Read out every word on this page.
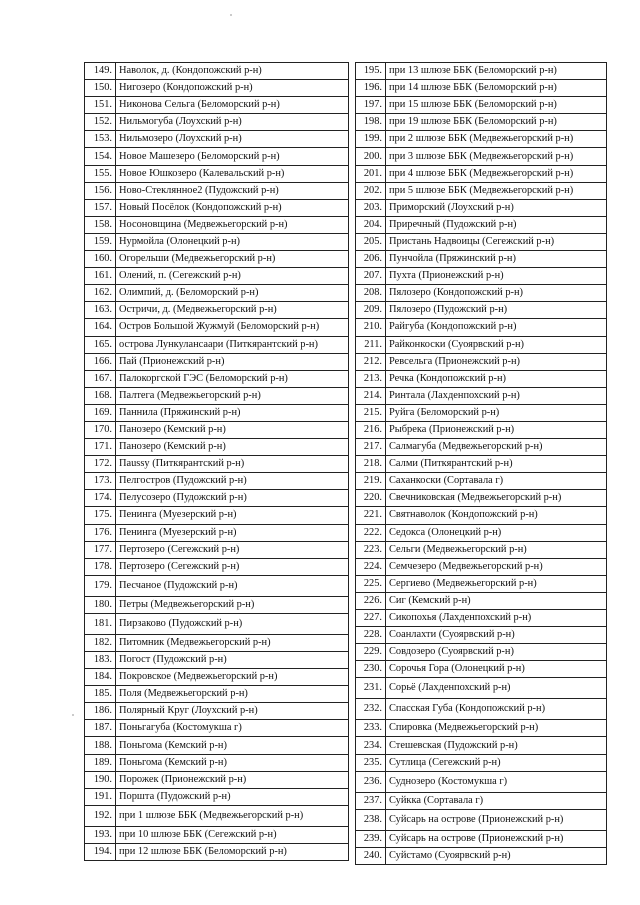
149.	Наволок, д. (Кондопожский р-н)
150.	Нигозеро (Кондопожский р-н)
151.	Никонова Сельга (Беломорский р-н)
152.	Нильмогуба (Лоухский р-н)
153.	Нильмозеро (Лоухский р-н)
154.	Новое Машезеро (Беломорский р-н)
155.	Новое Юшкозеро (Калевальский р-н)
156.	Ново-Стеклянное2 (Пудожский р-н)
157.	Новый Посёлок (Кондопожский р-н)
158.	Носоновщина (Медвежьегорский р-н)
159.	Нурмойла (Олонецкий р-н)
160.	Огорельши (Медвежьегорский р-н)
161.	Олений, п. (Сегежский р-н)
162.	Олимпий, д. (Беломорский р-н)
163.	Остричи, д. (Медвежьегорский р-н)
164.	Остров Большой Жужмуй (Беломорский р-н)
165.	острова Лункулансаари (Питкярантский р-н)
166.	Пай (Прионежский р-н)
167.	Палокоргской ГЭС (Беломорский р-н)
168.	Палтега (Медвежьегорский р-н)
169.	Паннила (Пряжинский р-н)
170.	Панозеро (Кемский р-н)
171.	Панозеро (Кемский р-н)
172.	Паussу (Питкярантский р-н)
173.	Пелгостров (Пудожский р-н)
174.	Пелусозеро (Пудожский р-н)
175.	Пенинга (Муезерский р-н)
176.	Пенинга (Муезерский р-н)
177.	Пертозеро (Сегежский р-н)
178.	Пертозеро (Сегежский р-н)
179.	Песчаное (Пудожский р-н)
180.	Петры (Медвежьегорский р-н)
181.	Пирзаково (Пудожский р-н)
182.	Питомник (Медвежьегорский р-н)
183.	Погост (Пудожский р-н)
184.	Покровское (Медвежьегорский р-н)
185.	Поля (Медвежьегорский р-н)
186.	Полярный Круг (Лоухский р-н)
187.	Поньгагуба (Костомукша г)
188.	Поньгома (Кемский р-н)
189.	Поньгома (Кемский р-н)
190.	Порожек (Прионежский р-н)
191.	Поршта (Пудожский р-н)
192.	при 1 шлюзе ББК (Медвежьегорский р-н)
193.	при 10 шлюзе ББК (Сегежский р-н)
194.	при 12 шлюзе ББК (Беломорский р-н)
195.	при 13 шлюзе ББК (Беломорский р-н)
196.	при 14 шлюзе ББК (Беломорский р-н)
197.	при 15 шлюзе ББК (Беломорский р-н)
198.	при 19 шлюзе ББК (Беломорский р-н)
199.	при 2 шлюзе ББК (Медвежьегорский р-н)
200.	при 3 шлюзе ББК (Медвежьегорский р-н)
201.	при 4 шлюзе ББК (Медвежьегорский р-н)
202.	при 5 шлюзе ББК (Медвежьегорский р-н)
203.	Приморский (Лоухский р-н)
204.	Приречный (Пудожский р-н)
205.	Пристань Надвоицы (Сегежский р-н)
206.	Пунчойла (Пряжинский р-н)
207.	Пухта (Прионежский р-н)
208.	Пялозеро (Кондопожский р-н)
209.	Пялозеро (Пудожский р-н)
210.	Райгуба (Кондопожский р-н)
211.	Райконкоски (Суоярвский р-н)
212.	Ревсельга (Прионежский р-н)
213.	Речка (Кондопожский р-н)
214.	Ринтала (Лахденпохский р-н)
215.	Руйга (Беломорский р-н)
216.	Рыбрека (Прионежский р-н)
217.	Салмагуба (Медвежьегорский р-н)
218.	Салми (Питкярантский р-н)
219.	Саханкоски (Сортавала г)
220.	Свечниковская (Медвежьегорский р-н)
221.	Святнаволок (Кондопожский р-н)
222.	Седокса (Олонецкий р-н)
223.	Сельги (Медвежьегорский р-н)
224.	Семчезеро (Медвежьегорский р-н)
225.	Сергиево (Медвежьегорский р-н)
226.	Сиг (Кемский р-н)
227.	Сикопохья (Лахденпохский р-н)
228.	Соанлахти (Суоярвский р-н)
229.	Совдозеро (Суоярвский р-н)
230.	Сорочья Гора (Олонецкий р-н)
231.	Сорьё (Лахденпохский р-н)
232.	Спасская Губа (Кондопожский р-н)
233.	Спировка (Медвежьегорский р-н)
234.	Стешевская (Пудожский р-н)
235.	Сутлица (Сегежский р-н)
236.	Суднозеро (Костомукша г)
237.	Суйкка (Сортавала г)
238.	Суйсарь на острове (Прионежский р-н)
239.	Суйсарь на острове (Прионежский р-н)
240.	Суйстамо (Суоярвский р-н)
